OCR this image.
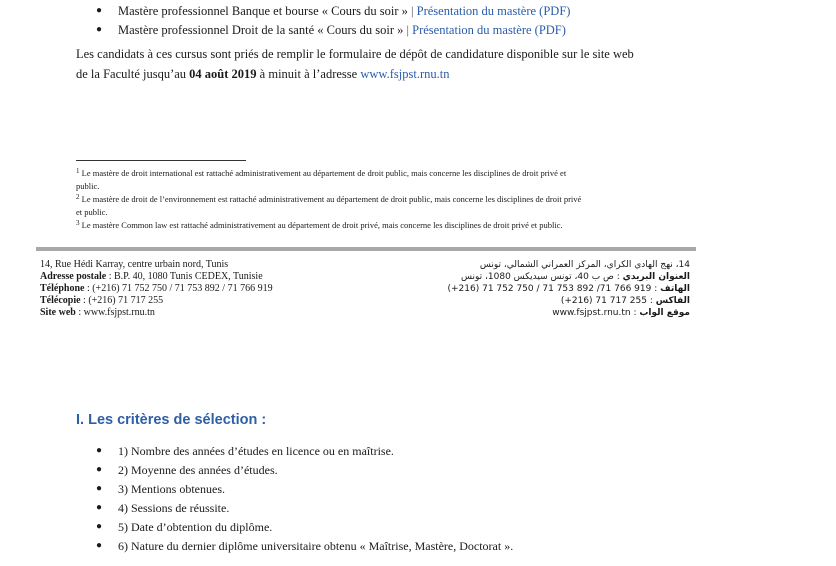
● Mastère professionnel Banque et bourse « Cours du soir » | Présentation du mastère (PDF)
● Mastère professionnel Droit de la santé « Cours du soir » | Présentation du mastère (PDF)
Les candidats à ces cursus sont priés de remplir le formulaire de dépôt de candidature disponible sur le site web
de la Faculté jusqu’au 04 août 2019 à minuit à l’adresse www.fsjpst.rnu.tn
$^1$ Le mastère de droit international est rattaché administrativement au département de droit public, mais concerne les disciplines de droit privé et
public.
$^2$ Le mastère de droit de l’environnement est rattaché administrativement au département de droit public, mais concerne les disciplines de droit privé
et public.
$^3$ Le mastère Common law est rattaché administrativement au département de droit privé, mais concerne les disciplines de droit privé et public.
14, Rue Hédi Karray, centre urbain nord, Tunis
Adresse postale : B.P. 40, 1080 Tunis CEDEX, Tunisie
Téléphone : (+216) 71 752 750 / 71 753 892 / 71 766 919
Télécopie : (+216) 71 717 255
Site web : www.fsjpst.rnu.tn
14، نهج الهادي الكراي، المركز العمراني الشمالي، تونس
العنوان البريدي : ص ب 40، تونس سيديكس 1080، تونس
الهاتف : (+216) 71 752 750 / 71 753 892 /71 766 919
الفاكس : (+216) 71 717 255
موقع الواب : www.fsjpst.rnu.tn
I. Les critères de sélection :
● 1) Nombre des années d’études en licence ou en maîtrise.
● 2) Moyenne des années d’études.
● 3) Mentions obtenues.
● 4) Sessions de réussite.
● 5) Date d’obtention du diplôme.
● 6) Nature du dernier diplôme universitaire obtenu « Maîtrise, Mastère, Doctorat ».
